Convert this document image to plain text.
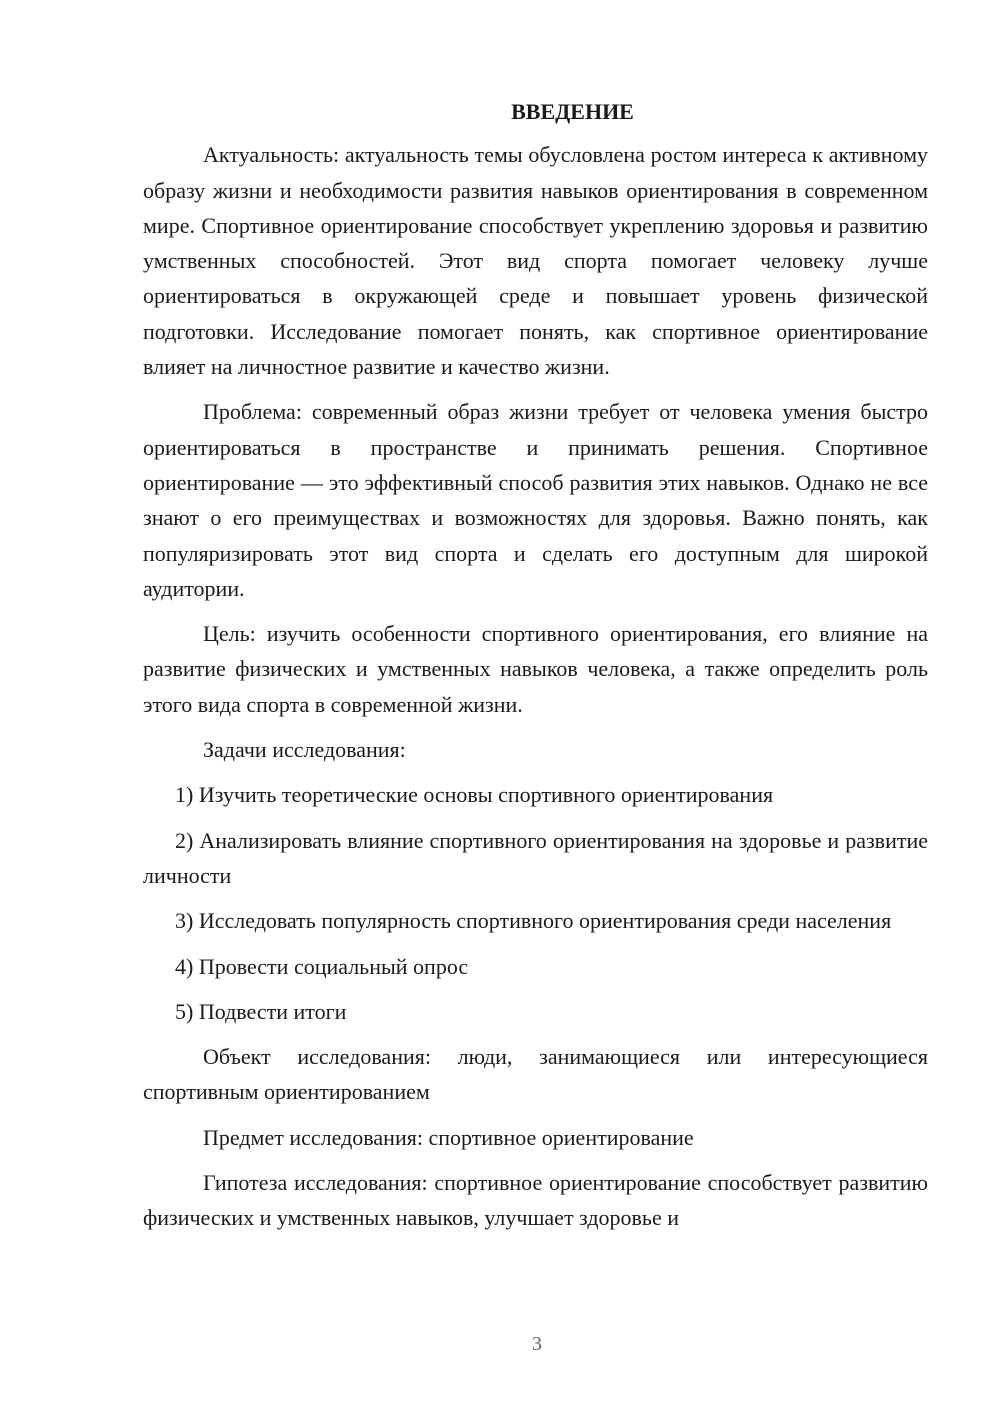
ВВЕДЕНИЕ

Актуальность: актуальность темы обусловлена ростом интереса к активному образу жизни и необходимости развития навыков ориентирования в современном мире. Спортивное ориентирование способствует укреплению здоровья и развитию умственных способностей. Этот вид спорта помогает человеку лучше ориентироваться в окружающей среде и повышает уровень физической подготовки. Исследование помогает понять, как спортивное ориентирование влияет на личностное развитие и качество жизни.

Проблема: современный образ жизни требует от человека умения быстро ориентироваться в пространстве и принимать решения. Спортивное ориентирование — это эффективный способ развития этих навыков. Однако не все знают о его преимуществах и возможностях для здоровья. Важно понять, как популяризировать этот вид спорта и сделать его доступным для широкой аудитории.

Цель: изучить особенности спортивного ориентирования, его влияние на развитие физических и умственных навыков человека, а также определить роль этого вида спорта в современной жизни.

Задачи исследования:

1) Изучить теоретические основы спортивного ориентирования

2) Анализировать влияние спортивного ориентирования на здоровье и развитие личности

3) Исследовать популярность спортивного ориентирования среди населения

4) Провести социальный опрос

5) Подвести итоги

Объект исследования: люди, занимающиеся или интересующиеся спортивным ориентированием

Предмет исследования: спортивное ориентирование

Гипотеза исследования: спортивное ориентирование способствует развитию физических и умственных навыков, улучшает здоровье и

3
